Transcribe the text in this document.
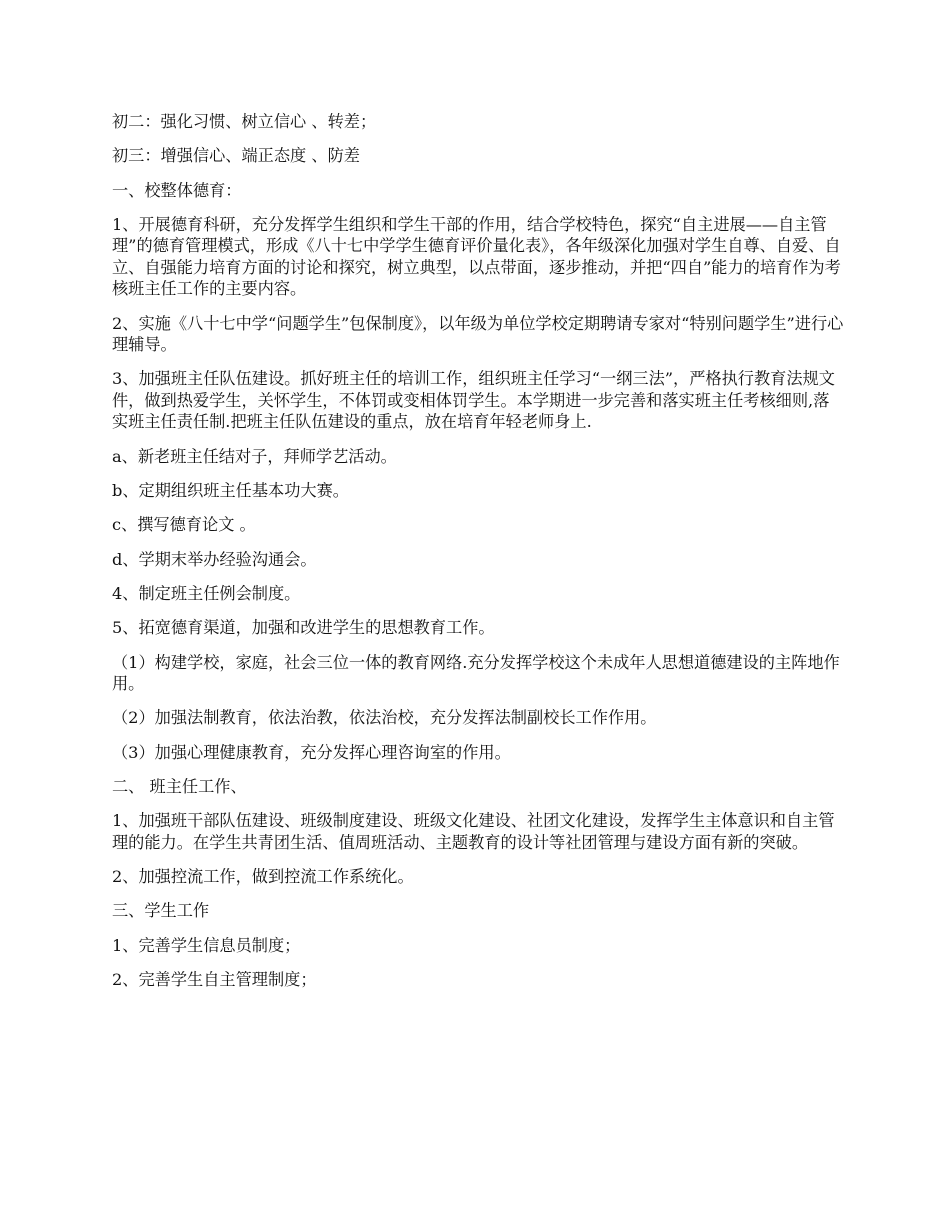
初二：强化习惯、树立信心 、转差；

初三：增强信心、端正态度 、防差

一、校整体德育：

1、开展德育科研，充分发挥学生组织和学生干部的作用，结合学校特色，探究“自主进展——自主管理”的德育管理模式，形成《八十七中学学生德育评价量化表》，各年级深化加强对学生自尊、自爱、自立、自强能力培育方面的讨论和探究，树立典型，以点带面，逐步推动，并把“四自”能力的培育作为考核班主任工作的主要内容。

2、实施《八十七中学“问题学生”包保制度》，以年级为单位学校定期聘请专家对“特别问题学生”进行心理辅导。

3、加强班主任队伍建设。抓好班主任的培训工作，组织班主任学习“一纲三法”，严格执行教育法规文件，做到热爱学生，关怀学生，不体罚或变相体罚学生。本学期进一步完善和落实班主任考核细则,落实班主任责任制.把班主任队伍建设的重点，放在培育年轻老师身上.

a、新老班主任结对子，拜师学艺活动。

b、定期组织班主任基本功大赛。

c、撰写德育论文 。

d、学期末举办经验沟通会。

4、制定班主任例会制度。

5、拓宽德育渠道，加强和改进学生的思想教育工作。

（1）构建学校，家庭，社会三位一体的教育网络.充分发挥学校这个未成年人思想道德建设的主阵地作用。

（2）加强法制教育，依法治教，依法治校，充分发挥法制副校长工作作用。

（3）加强心理健康教育，充分发挥心理咨询室的作用。

二、 班主任工作、

1、加强班干部队伍建设、班级制度建设、班级文化建设、社团文化建设，发挥学生主体意识和自主管理的能力。在学生共青团生活、值周班活动、主题教育的设计等社团管理与建设方面有新的突破。

2、加强控流工作，做到控流工作系统化。

三、学生工作

1、完善学生信息员制度；

2、完善学生自主管理制度；
